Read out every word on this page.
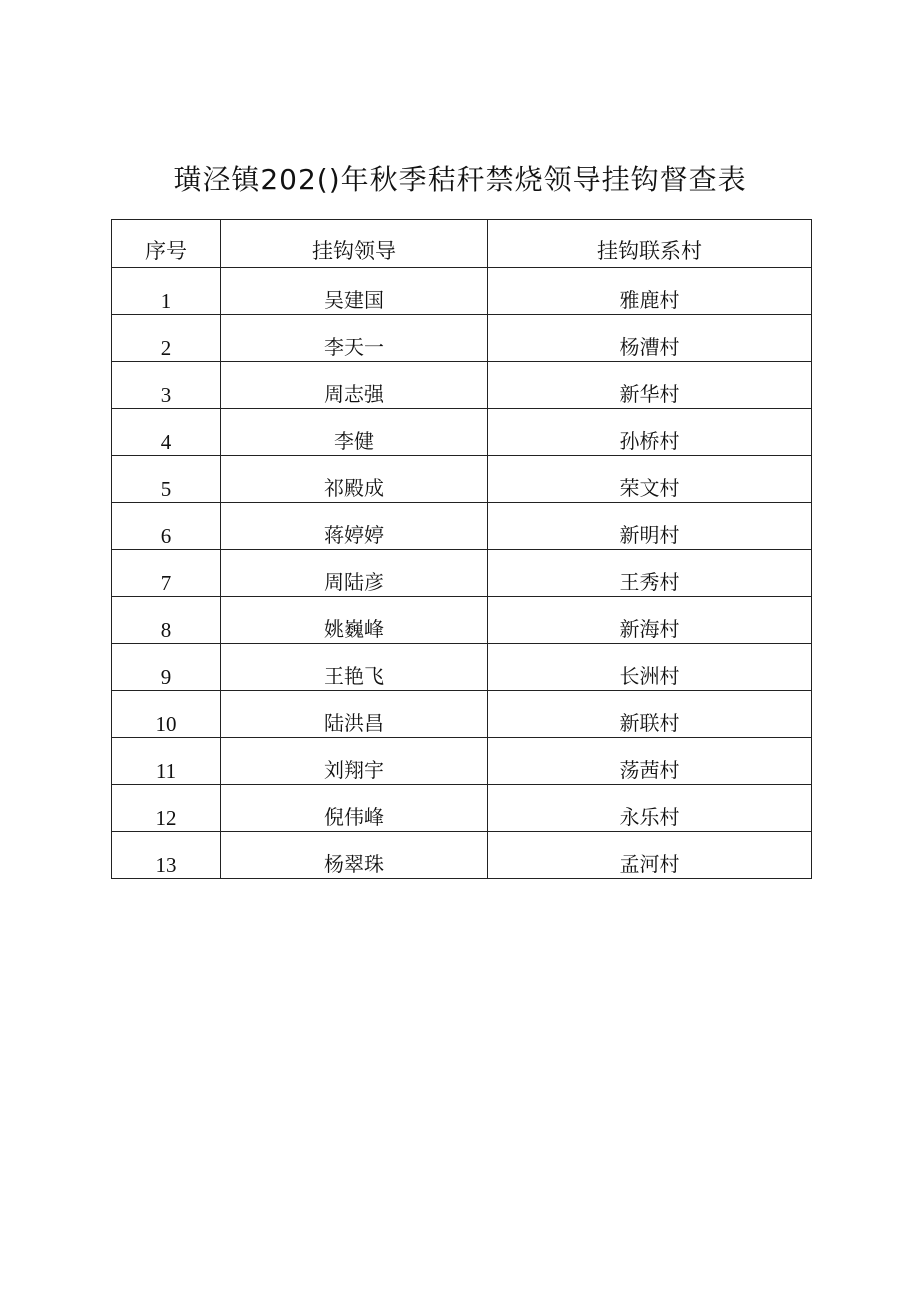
璜泾镇202()年秋季秸秆禁烧领导挂钩督查表
序号	挂钩领导	挂钩联系村
1	吴建国	雅鹿村
2	李天一	杨漕村
3	周志强	新华村
4	李健	孙桥村
5	祁殿成	荣文村
6	蒋婷婷	新明村
7	周陆彦	王秀村
8	姚巍峰	新海村
9	王艳飞	长洲村
10	陆洪昌	新联村
11	刘翔宇	荡茜村
12	倪伟峰	永乐村
13	杨翠珠	孟河村
